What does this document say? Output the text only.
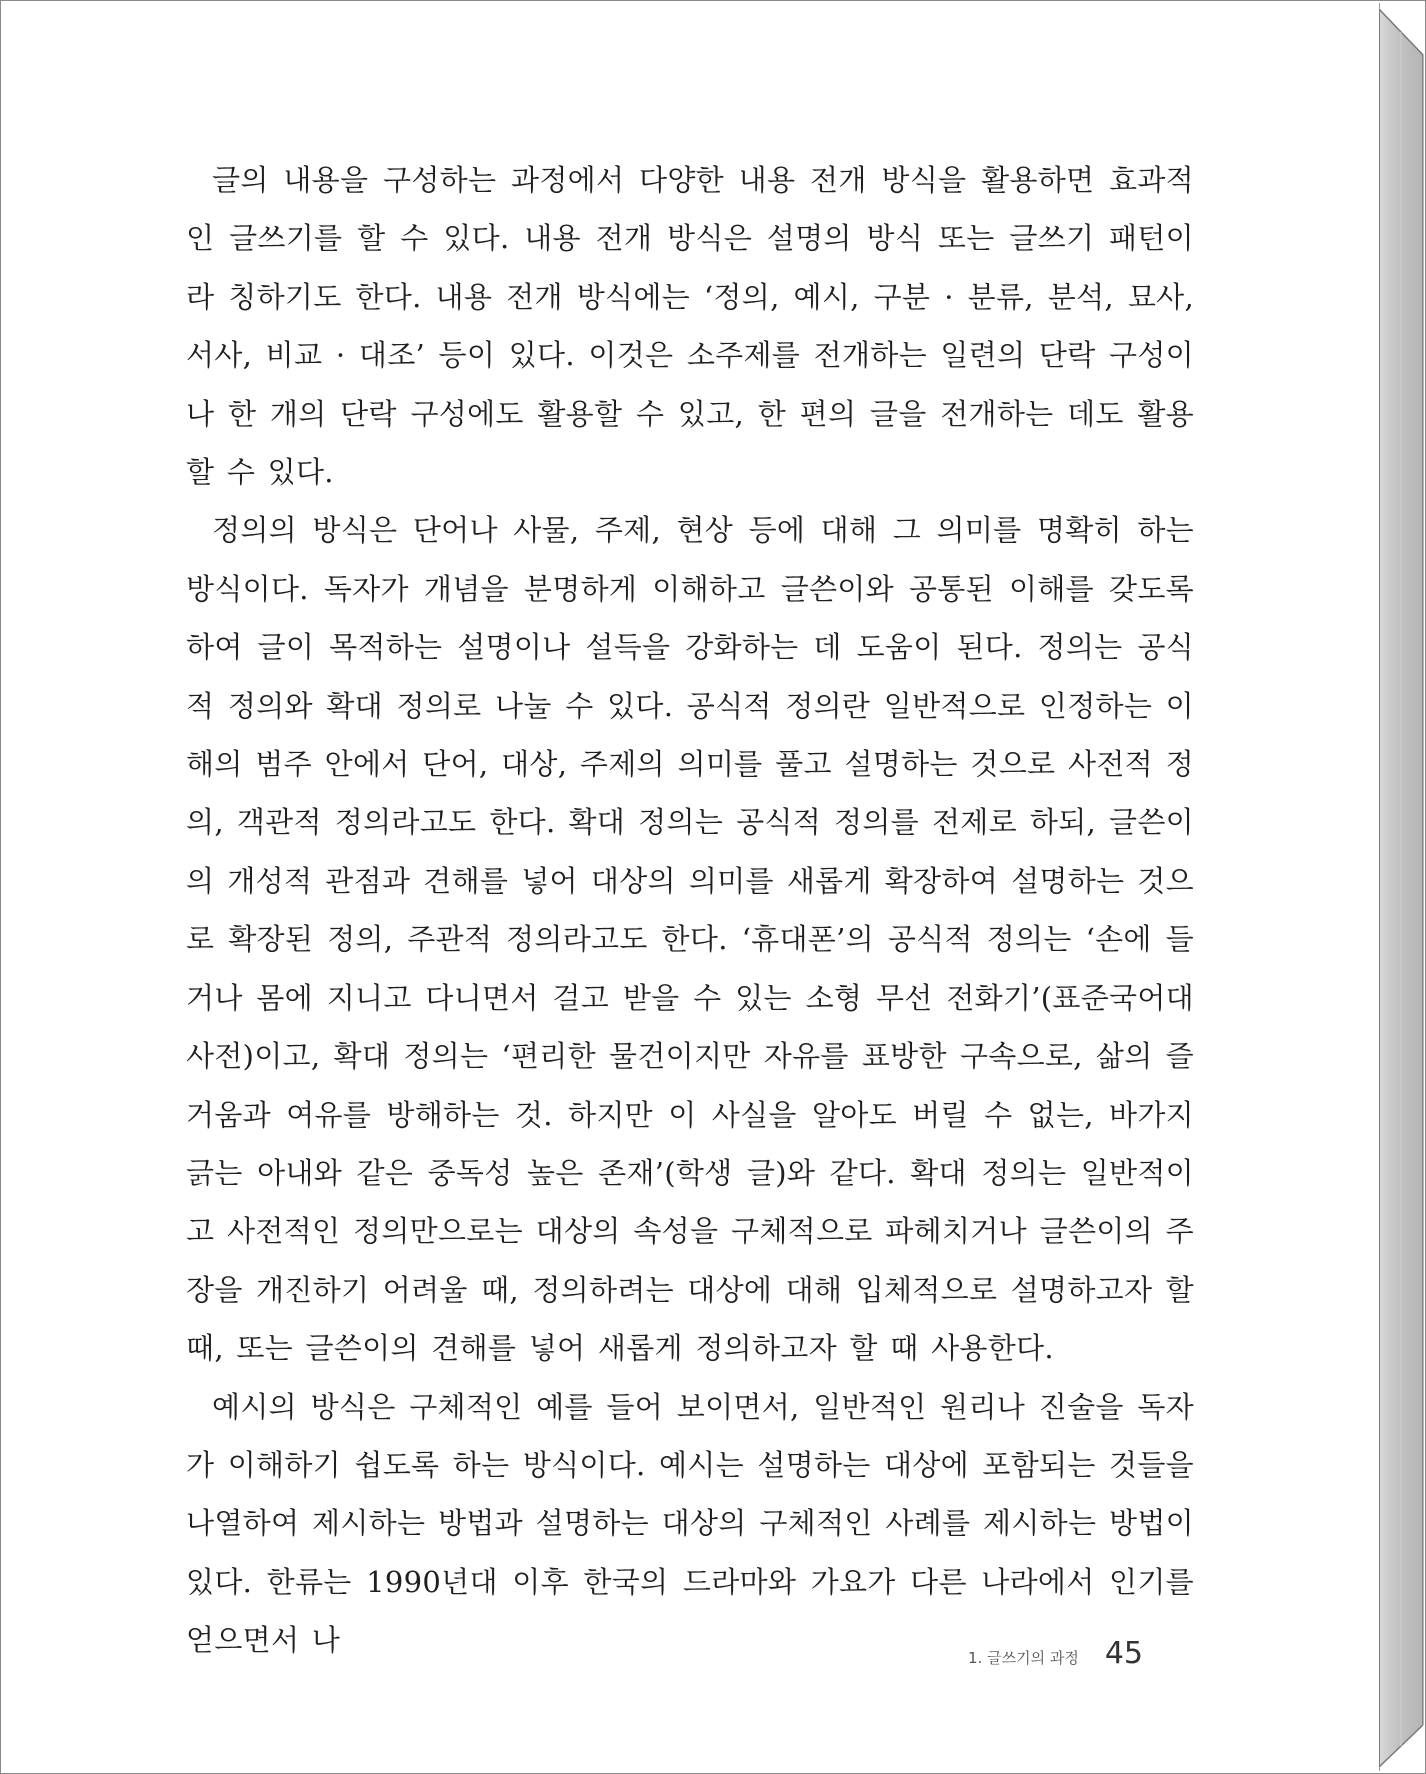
글의 내용을 구성하는 과정에서 다양한 내용 전개 방식을 활용하면 효과적인 글쓰기를 할 수 있다. 내용 전개 방식은 설명의 방식 또는 글쓰기 패턴이라 칭하기도 한다. 내용 전개 방식에는 ‘정의, 예시, 구분 · 분류, 분석, 묘사, 서사, 비교 · 대조’ 등이 있다. 이것은 소주제를 전개하는 일련의 단락 구성이나 한 개의 단락 구성에도 활용할 수 있고, 한 편의 글을 전개하는 데도 활용할 수 있다.

정의의 방식은 단어나 사물, 주제, 현상 등에 대해 그 의미를 명확히 하는 방식이다. 독자가 개념을 분명하게 이해하고 글쓴이와 공통된 이해를 갖도록 하여 글이 목적하는 설명이나 설득을 강화하는 데 도움이 된다. 정의는 공식적 정의와 확대 정의로 나눌 수 있다. 공식적 정의란 일반적으로 인정하는 이해의 범주 안에서 단어, 대상, 주제의 의미를 풀고 설명하는 것으로 사전적 정의, 객관적 정의라고도 한다. 확대 정의는 공식적 정의를 전제로 하되, 글쓴이의 개성적 관점과 견해를 넣어 대상의 의미를 새롭게 확장하여 설명하는 것으로 확장된 정의, 주관적 정의라고도 한다. ‘휴대폰’의 공식적 정의는 ‘손에 들거나 몸에 지니고 다니면서 걸고 받을 수 있는 소형 무선 전화기’(표준국어대사전)이고, 확대 정의는 ‘편리한 물건이지만 자유를 표방한 구속으로, 삶의 즐거움과 여유를 방해하는 것. 하지만 이 사실을 알아도 버릴 수 없는, 바가지 긁는 아내와 같은 중독성 높은 존재’(학생 글)와 같다. 확대 정의는 일반적이고 사전적인 정의만으로는 대상의 속성을 구체적으로 파헤치거나 글쓴이의 주장을 개진하기 어려울 때, 정의하려는 대상에 대해 입체적으로 설명하고자 할 때, 또는 글쓴이의 견해를 넣어 새롭게 정의하고자 할 때 사용한다.

예시의 방식은 구체적인 예를 들어 보이면서, 일반적인 원리나 진술을 독자가 이해하기 쉽도록 하는 방식이다. 예시는 설명하는 대상에 포함되는 것들을 나열하여 제시하는 방법과 설명하는 대상의 구체적인 사례를 제시하는 방법이 있다. 한류는 1990년대 이후 한국의 드라마와 가요가 다른 나라에서 인기를 얻으면서 나

1. 글쓰기의 과정 45
